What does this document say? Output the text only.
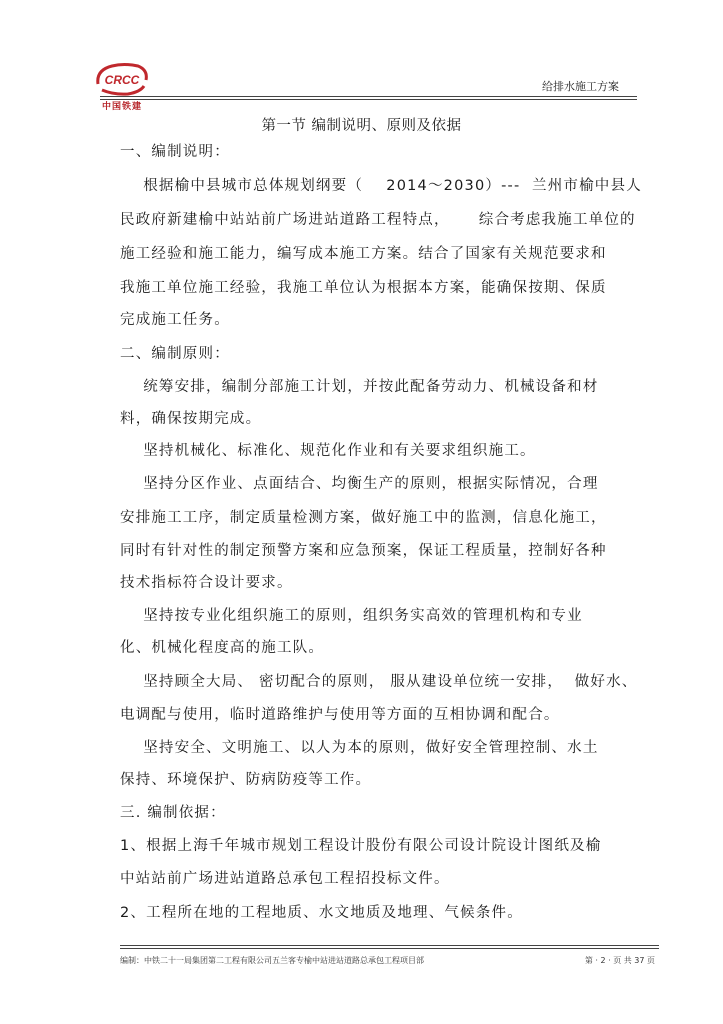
CRCC
中国铁建
给排水施工方案
第一节 编制说明、原则及依据
一、编制说明：
根据榆中县城市总体规划纲要（    2014～2030）---  兰州市榆中县人
民政府新建榆中站站前广场进站道路工程特点，     综合考虑我施工单位的
施工经验和施工能力，编写成本施工方案。结合了国家有关规范要求和
我施工单位施工经验，我施工单位认为根据本方案，能确保按期、保质
完成施工任务。
二、编制原则：
统筹安排，编制分部施工计划，并按此配备劳动力、机械设备和材
料，确保按期完成。
坚持机械化、标准化、规范化作业和有关要求组织施工。
坚持分区作业、点面结合、均衡生产的原则，根据实际情况，合理
安排施工工序，制定质量检测方案，做好施工中的监测，信息化施工，
同时有针对性的制定预警方案和应急预案，保证工程质量，控制好各种
技术指标符合设计要求。
坚持按专业化组织施工的原则，组织务实高效的管理机构和专业
化、机械化程度高的施工队。
坚持顾全大局、 密切配合的原则， 服从建设单位统一安排，  做好水、
电调配与使用，临时道路维护与使用等方面的互相协调和配合。
坚持安全、文明施工、以人为本的原则，做好安全管理控制、水土
保持、环境保护、防病防疫等工作。
三. 编制依据：
1、根据上海千年城市规划工程设计股份有限公司设计院设计图纸及榆
中站站前广场进站道路总承包工程招投标文件。
2、工程所在地的工程地质、水文地质及地理、气候条件。
编制：中铁二十一局集团第二工程有限公司五兰客专榆中站进站道路总承包工程项目部	第 · 2 · 页 共 37 页
